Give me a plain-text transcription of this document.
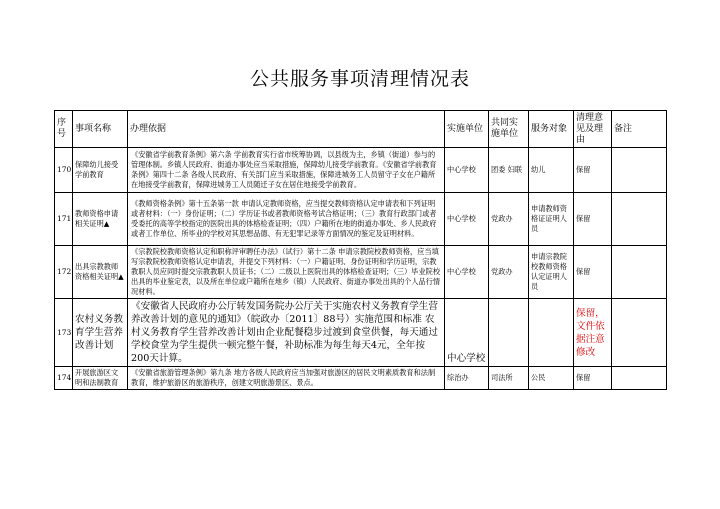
公共服务事项清理情况表
序号	事项名称	办理依据	实施单位	共同实施单位	服务对象	清理意见及理由	备注
170	保障幼儿接受学前教育	《安徽省学前教育条例》第六条 学前教育实行省市统筹协调，以县级为主，乡镇（街道）参与的管理体制。乡镇人民政府、街道办事处应当采取措施，保障幼儿接受学前教育。《安徽省学前教育条例》第四十二条 各级人民政府、有关部门应当采取措施，保障进城务工人员留守子女在户籍所在地接受学前教育，保障进城务工人员随迁子女在居住地接受学前教育。	中心学校	团委 妇联	幼儿	保留	
171	教师资格申请相关证明▲	《教师资格条例》第十五条第一款 申请认定教师资格，应当提交教师资格认定申请表和下列证明或者材料：（一）身份证明；（二）学历证书或者教师资格考试合格证明；（三）教育行政部门或者受委托的高等学校指定的医院出具的体格检查证明；（四）户籍所在地的街道办事处、乡人民政府或者工作单位、所毕业的学校对其思想品德、有无犯罪记录等方面情况的鉴定及证明材料。	中心学校	党政办	申请教师资格证证明人员	保留	
172	出具宗教教师资格相关证明▲	《宗教院校教师资格认定和职称评审聘任办法》（试行）第十二条 申请宗教院校教师资格，应当填写宗教院校教师资格认定申请表，并提交下列材料：（一）户籍证明、身份证明和学历证明，宗教教职人员应同时提交宗教教职人员证书；（二）二级以上医院出具的体格检查证明；（三）毕业院校出具的毕业鉴定表，以及所在单位或户籍所在地乡（镇）人民政府、街道办事处出具的个人品行情况材料。	中心学校	党政办	申请宗教院校教师资格认定证明人员	保留	
173	农村义务教育学生营养改善计划	《安徽省人民政府办公厅转发国务院办公厅关于实施农村义务教育学生营养改善计划的意见的通知》（皖政办〔2011〕88号）实施范围和标准 农村义务教育学生营养改善计划由企业配餐稳步过渡到食堂供餐，每天通过学校食堂为学生提供一顿完整午餐，补助标准为每生每天4元，全年按200天计算。	中心学校			保留，文件依据注意修改	
174	开展旅游区文明和法制教育	《安徽省旅游管理条例》第九条 地方各级人民政府应当加强对旅游区的居民文明素质教育和法制教育，维护旅游区的旅游秩序，创建文明旅游景区、景点。	综治办	司法所	公民	保留	
